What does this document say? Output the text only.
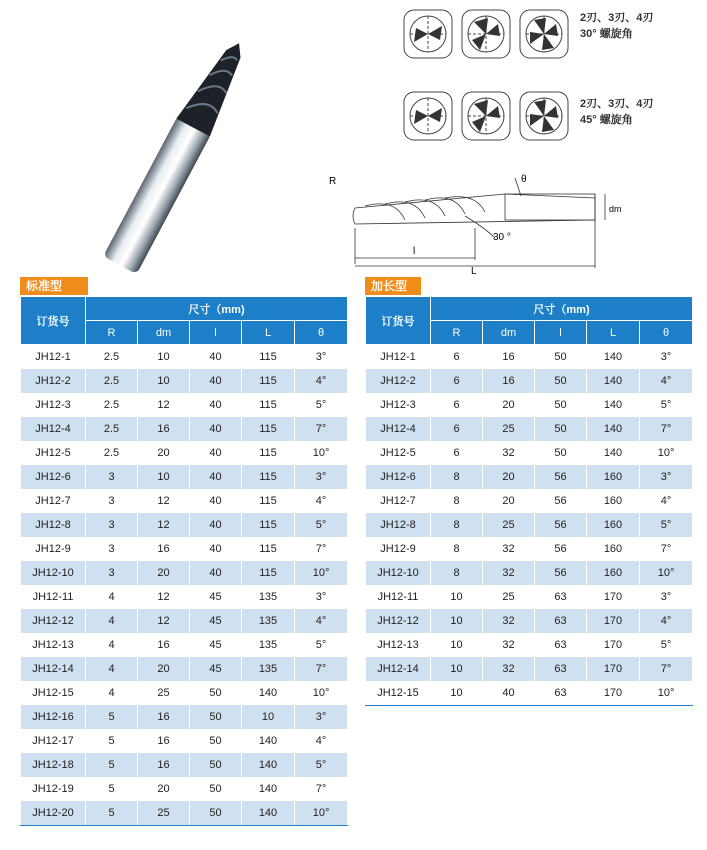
2刃、3刃、4刃
30° 螺旋角
2刃、3刃、4刃
45° 螺旋角
R	θ
30 °
l
L
dm
标准型	加长型
订货号	尺寸（mm)				
	R	dm	l	L	θ
JH12-1	2.5	10	40	115	3°
JH12-2	2.5	10	40	115	4°
JH12-3	2.5	12	40	115	5°
JH12-4	2.5	16	40	115	7°
JH12-5	2.5	20	40	115	10°
JH12-6	3	10	40	115	3°
JH12-7	3	12	40	115	4°
JH12-8	3	12	40	115	5°
JH12-9	3	16	40	115	7°
JH12-10	3	20	40	115	10°
JH12-11	4	12	45	135	3°
JH12-12	4	12	45	135	4°
JH12-13	4	16	45	135	5°
JH12-14	4	20	45	135	7°
JH12-15	4	25	50	140	10°
JH12-16	5	16	50	10	3°
JH12-17	5	16	50	140	4°
JH12-18	5	16	50	140	5°
JH12-19	5	20	50	140	7°
JH12-20	5	25	50	140	10°
订货号	尺寸（mm)				
	R	dm	l	L	θ
JH12-1	6	16	50	140	3°
JH12-2	6	16	50	140	4°
JH12-3	6	20	50	140	5°
JH12-4	6	25	50	140	7°
JH12-5	6	32	50	140	10°
JH12-6	8	20	56	160	3°
JH12-7	8	20	56	160	4°
JH12-8	8	25	56	160	5°
JH12-9	8	32	56	160	7°
JH12-10	8	32	56	160	10°
JH12-11	10	25	63	170	3°
JH12-12	10	32	63	170	4°
JH12-13	10	32	63	170	5°
JH12-14	10	32	63	170	7°
JH12-15	10	40	63	170	10°
